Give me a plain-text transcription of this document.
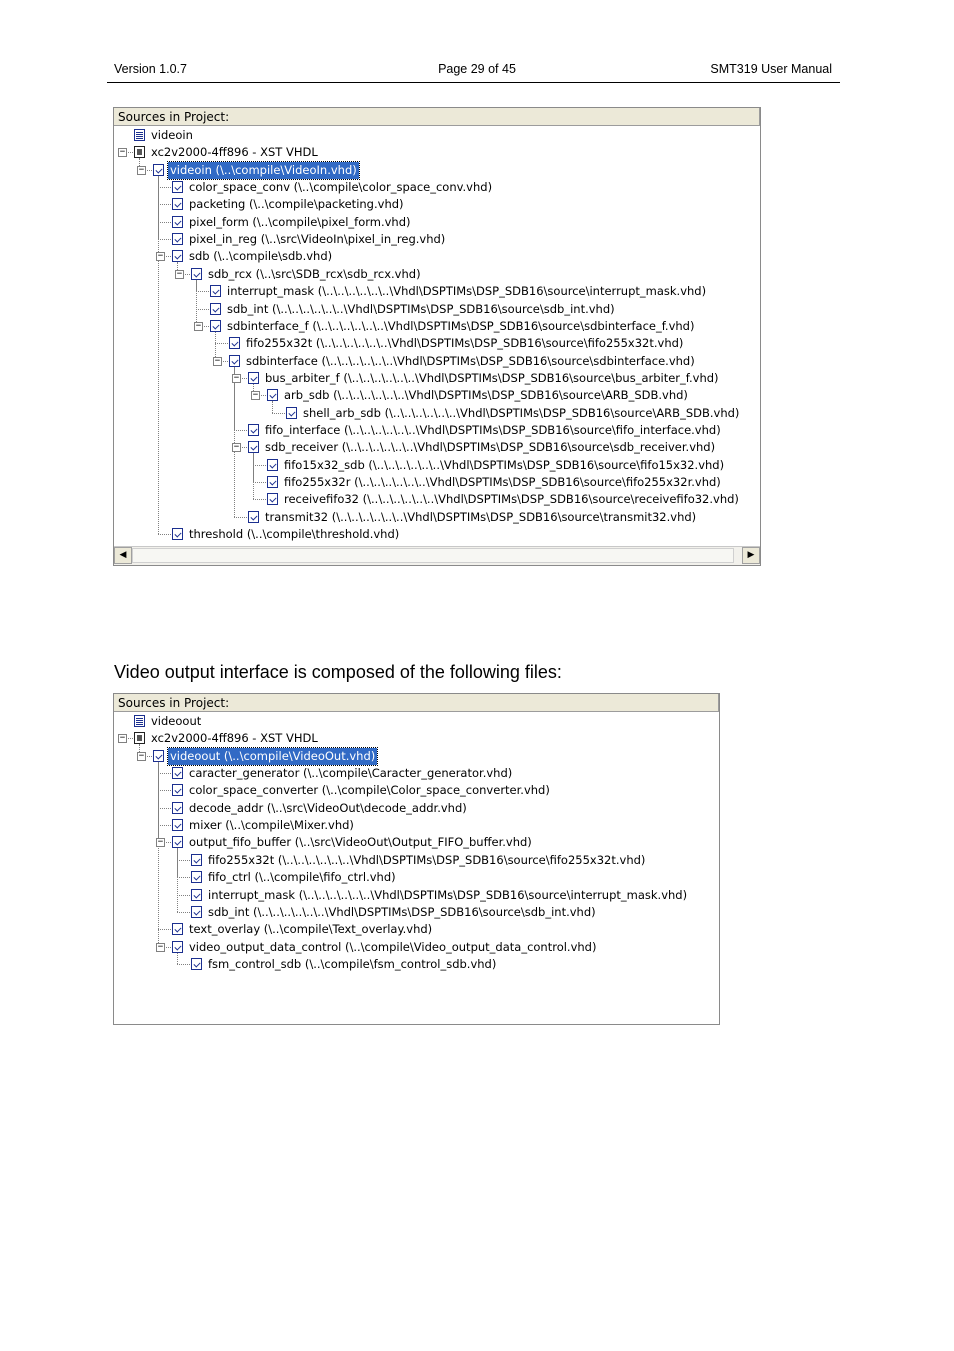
Version 1.0.7	Page 29 of 45	SMT319 User Manual
Sources in Project:
videoin
− xc2v2000-4ff896 - XST VHDL
− videoin (\..\compile\VideoIn.vhd)
color_space_conv (\..\compile\color_space_conv.vhd)
packeting (\..\compile\packeting.vhd)
pixel_form (\..\compile\pixel_form.vhd)
pixel_in_reg (\..\src\VideoIn\pixel_in_reg.vhd)
− sdb (\..\compile\sdb.vhd)
− sdb_rcx (\..\src\SDB_rcx\sdb_rcx.vhd)
interrupt_mask (\..\..\..\..\..\..\Vhdl\DSPTIMs\DSP_SDB16\source\interrupt_mask.vhd)
sdb_int (\..\..\..\..\..\..\Vhdl\DSPTIMs\DSP_SDB16\source\sdb_int.vhd)
− sdbinterface_f (\..\..\..\..\..\..\Vhdl\DSPTIMs\DSP_SDB16\source\sdbinterface_f.vhd)
fifo255x32t (\..\..\..\..\..\..\Vhdl\DSPTIMs\DSP_SDB16\source\fifo255x32t.vhd)
− sdbinterface (\..\..\..\..\..\..\Vhdl\DSPTIMs\DSP_SDB16\source\sdbinterface.vhd)
− bus_arbiter_f (\..\..\..\..\..\..\Vhdl\DSPTIMs\DSP_SDB16\source\bus_arbiter_f.vhd)
− arb_sdb (\..\..\..\..\..\..\Vhdl\DSPTIMs\DSP_SDB16\source\ARB_SDB.vhd)
shell_arb_sdb (\..\..\..\..\..\..\Vhdl\DSPTIMs\DSP_SDB16\source\ARB_SDB.vhd)
fifo_interface (\..\..\..\..\..\..\Vhdl\DSPTIMs\DSP_SDB16\source\fifo_interface.vhd)
− sdb_receiver (\..\..\..\..\..\..\Vhdl\DSPTIMs\DSP_SDB16\source\sdb_receiver.vhd)
fifo15x32_sdb (\..\..\..\..\..\..\Vhdl\DSPTIMs\DSP_SDB16\source\fifo15x32.vhd)
fifo255x32r (\..\..\..\..\..\..\Vhdl\DSPTIMs\DSP_SDB16\source\fifo255x32r.vhd)
receivefifo32 (\..\..\..\..\..\..\Vhdl\DSPTIMs\DSP_SDB16\source\receivefifo32.vhd)
transmit32 (\..\..\..\..\..\..\Vhdl\DSPTIMs\DSP_SDB16\source\transmit32.vhd)
threshold (\..\compile\threshold.vhd)
◀	▶
Video output interface is composed of the following files:
Sources in Project:
videoout
− xc2v2000-4ff896 - XST VHDL
− videoout (\..\compile\VideoOut.vhd)
caracter_generator (\..\compile\Caracter_generator.vhd)
color_space_converter (\..\compile\Color_space_converter.vhd)
decode_addr (\..\src\VideoOut\decode_addr.vhd)
mixer (\..\compile\Mixer.vhd)
− output_fifo_buffer (\..\src\VideoOut\Output_FIFO_buffer.vhd)
fifo255x32t (\..\..\..\..\..\..\Vhdl\DSPTIMs\DSP_SDB16\source\fifo255x32t.vhd)
fifo_ctrl (\..\compile\fifo_ctrl.vhd)
interrupt_mask (\..\..\..\..\..\..\Vhdl\DSPTIMs\DSP_SDB16\source\interrupt_mask.vhd)
sdb_int (\..\..\..\..\..\..\Vhdl\DSPTIMs\DSP_SDB16\source\sdb_int.vhd)
text_overlay (\..\compile\Text_overlay.vhd)
− video_output_data_control (\..\compile\Video_output_data_control.vhd)
fsm_control_sdb (\..\compile\fsm_control_sdb.vhd)
